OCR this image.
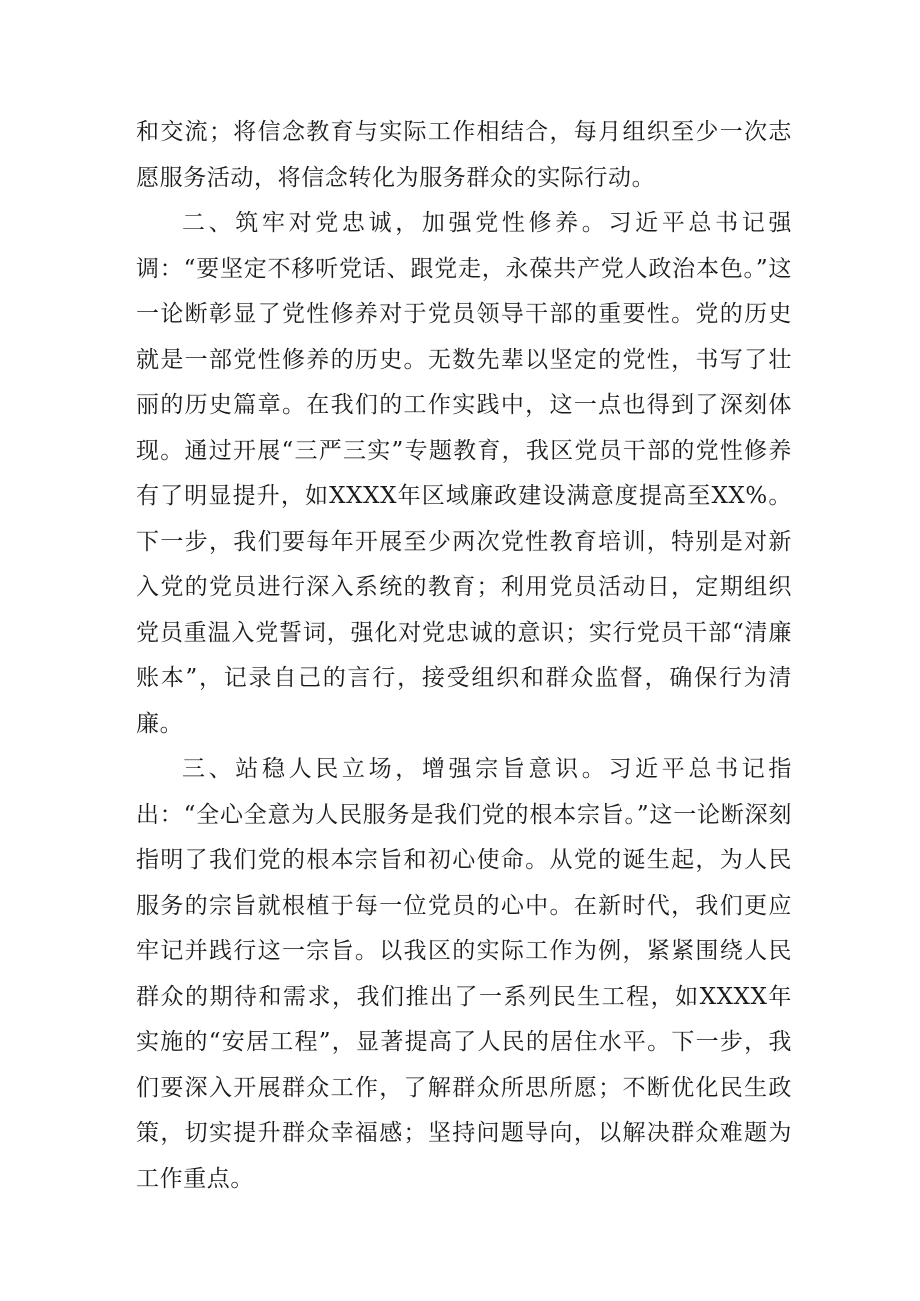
和交流；将信念教育与实际工作相结合，每月组织至少一次志愿服务活动，将信念转化为服务群众的实际行动。

二、筑牢对党忠诚，加强党性修养。习近平总书记强调：“要坚定不移听党话、跟党走，永葆共产党人政治本色。”这一论断彰显了党性修养对于党员领导干部的重要性。党的历史就是一部党性修养的历史。无数先辈以坚定的党性，书写了壮丽的历史篇章。在我们的工作实践中，这一点也得到了深刻体现。通过开展“三严三实”专题教育，我区党员干部的党性修养有了明显提升，如XXXX年区域廉政建设满意度提高至XX%。下一步，我们要每年开展至少两次党性教育培训，特别是对新入党的党员进行深入系统的教育；利用党员活动日，定期组织党员重温入党誓词，强化对党忠诚的意识；实行党员干部“清廉账本”，记录自己的言行，接受组织和群众监督，确保行为清廉。

三、站稳人民立场，增强宗旨意识。习近平总书记指出：“全心全意为人民服务是我们党的根本宗旨。”这一论断深刻指明了我们党的根本宗旨和初心使命。从党的诞生起，为人民服务的宗旨就根植于每一位党员的心中。在新时代，我们更应牢记并践行这一宗旨。以我区的实际工作为例，紧紧围绕人民群众的期待和需求，我们推出了一系列民生工程，如XXXX年实施的“安居工程”，显著提高了人民的居住水平。下一步，我们要深入开展群众工作，了解群众所思所愿；不断优化民生政策，切实提升群众幸福感；坚持问题导向，以解决群众难题为工作重点。
